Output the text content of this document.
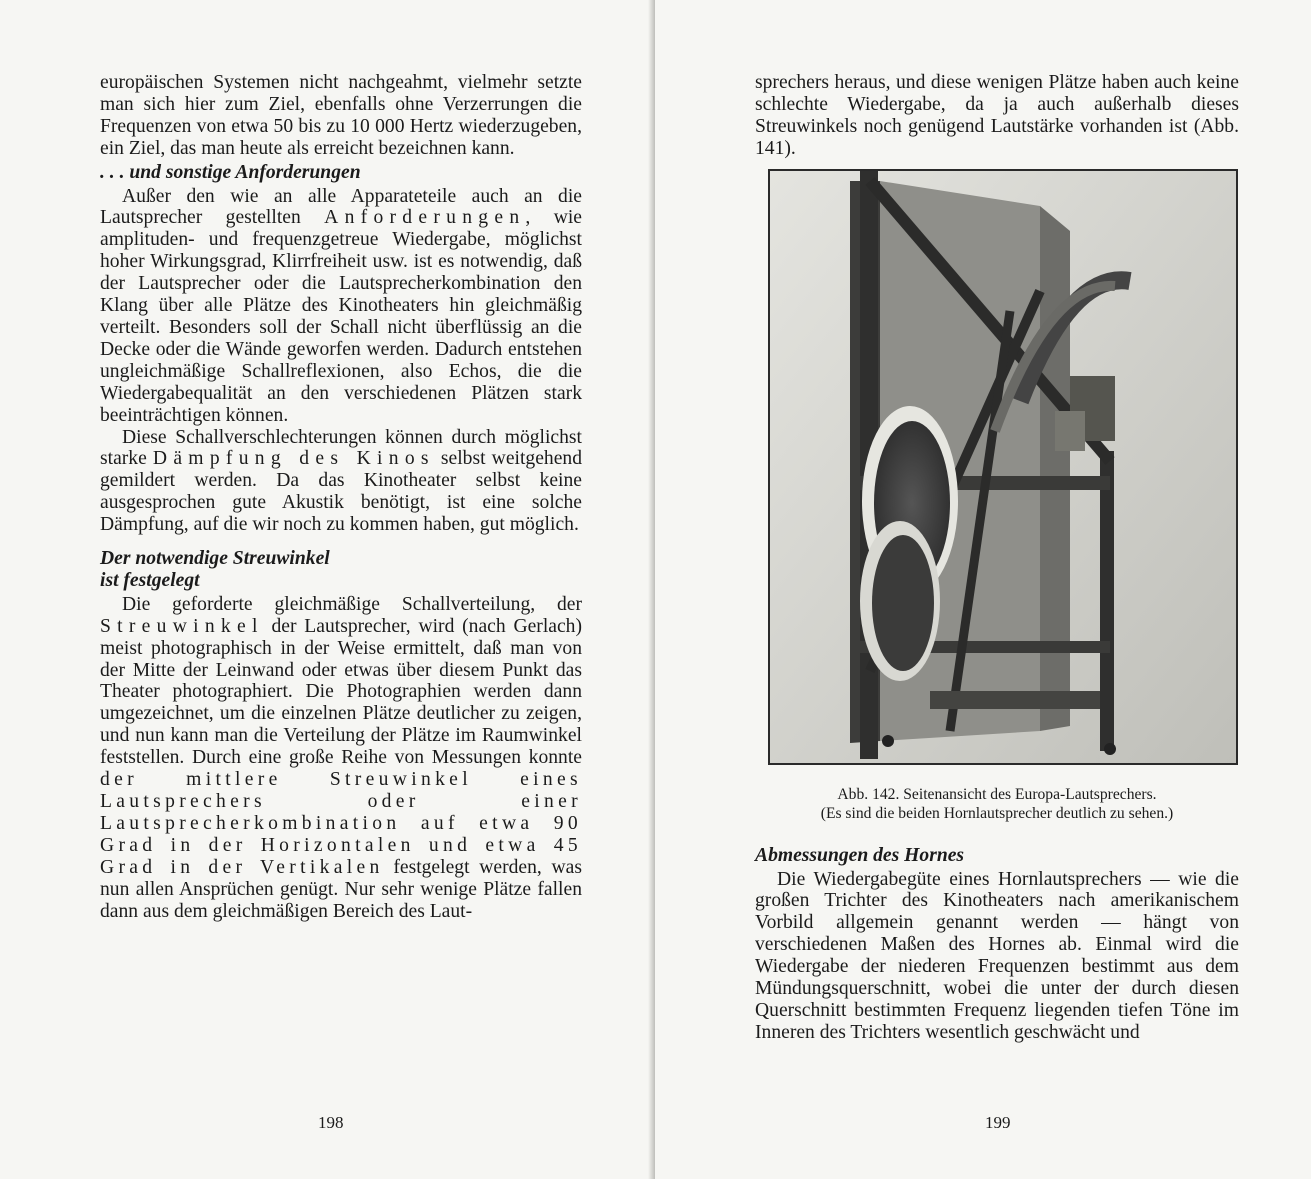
europäischen Systemen nicht nachgeahmt, vielmehr setzte man sich hier zum Ziel, ebenfalls ohne Verzerrungen die Frequenzen von etwa 50 bis zu 10 000 Hertz wiederzugeben, ein Ziel, das man heute als erreicht bezeichnen kann.

. . . und sonstige Anforderungen

Außer den wie an alle Apparateteile auch an die Lautsprecher gestellten Anforderungen, wie amplituden- und frequenzgetreue Wiedergabe, möglichst hoher Wirkungsgrad, Klirrfreiheit usw. ist es notwendig, daß der Lautsprecher oder die Lautsprecherkombination den Klang über alle Plätze des Kinotheaters hin gleichmäßig verteilt. Besonders soll der Schall nicht überflüssig an die Decke oder die Wände geworfen werden. Dadurch entstehen ungleichmäßige Schallreflexionen, also Echos, die die Wiedergabequalität an den verschiedenen Plätzen stark beeinträchtigen können.

Diese Schallverschlechterungen können durch möglichst starke Dämpfung des Kinos selbst weitgehend gemildert werden. Da das Kinotheater selbst keine ausgesprochen gute Akustik benötigt, ist eine solche Dämpfung, auf die wir noch zu kommen haben, gut möglich.

Der notwendige Streuwinkel
ist festgelegt

Die geforderte gleichmäßige Schallverteilung, der Streuwinkel der Lautsprecher, wird (nach Gerlach) meist photographisch in der Weise ermittelt, daß man von der Mitte der Leinwand oder etwas über diesem Punkt das Theater photographiert. Die Photographien werden dann umgezeichnet, um die einzelnen Plätze deutlicher zu zeigen, und nun kann man die Verteilung der Plätze im Raumwinkel feststellen. Durch eine große Reihe von Messungen konnte der mittlere Streuwinkel eines Lautsprechers oder einer Lautsprecherkombination auf etwa 90 Grad in der Horizontalen und etwa 45 Grad in der Vertikalen festgelegt werden, was nun allen Ansprüchen genügt. Nur sehr wenige Plätze fallen dann aus dem gleichmäßigen Bereich des Laut-

198

sprechers heraus, und diese wenigen Plätze haben auch keine schlechte Wiedergabe, da ja auch außerhalb dieses Streuwinkels noch genügend Lautstärke vorhanden ist (Abb. 141).

Abb. 142. Seitenansicht des Europa-Lautsprechers.
(Es sind die beiden Hornlautsprecher deutlich zu sehen.)

Abmessungen des Hornes

Die Wiedergabegüte eines Hornlautsprechers — wie die großen Trichter des Kinotheaters nach amerikanischem Vorbild allgemein genannt werden — hängt von verschiedenen Maßen des Hornes ab. Einmal wird die Wiedergabe der niederen Frequenzen bestimmt aus dem Mündungsquerschnitt, wobei die unter der durch diesen Querschnitt bestimmten Frequenz liegenden tiefen Töne im Inneren des Trichters wesentlich geschwächt und

199
